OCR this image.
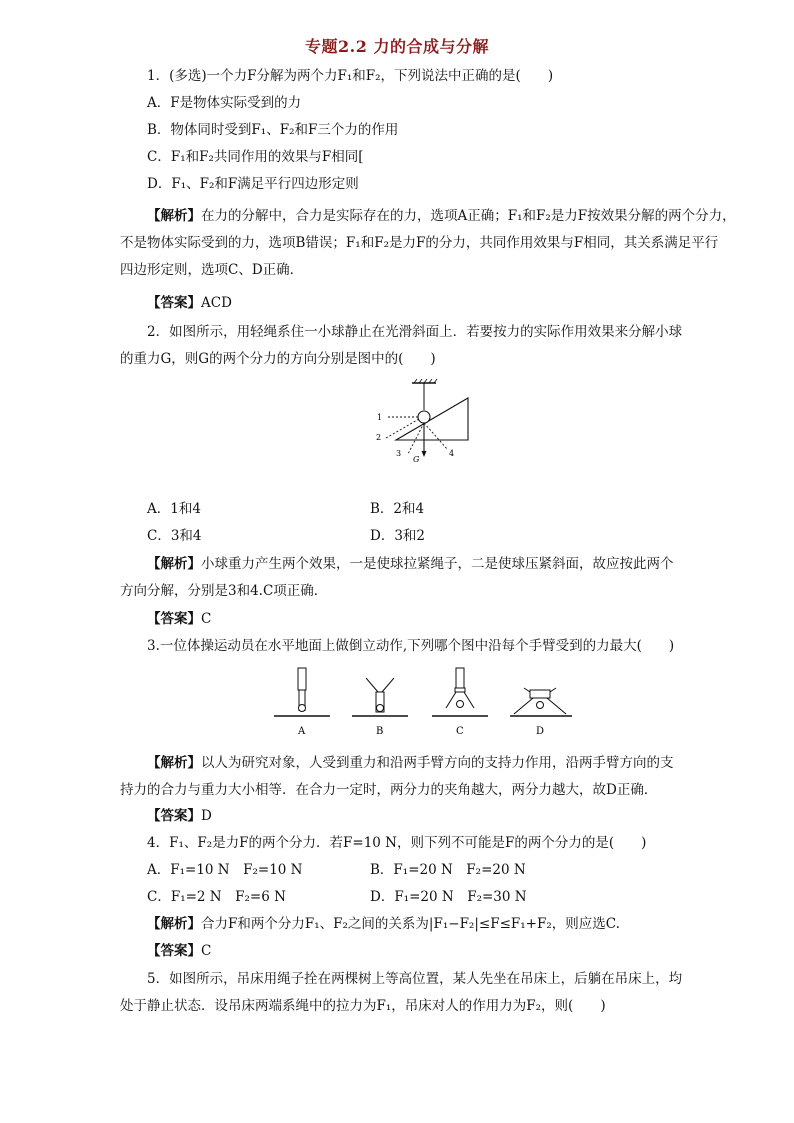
专题2.2 力的合成与分解
1．(多选)一个力F分解为两个力F₁和F₂，下列说法中正确的是(　　)
A．F是物体实际受到的力
B．物体同时受到F₁、F₂和F三个力的作用
C．F₁和F₂共同作用的效果与F相同[
D．F₁、F₂和F满足平行四边形定则
【解析】在力的分解中，合力是实际存在的力，选项A正确；F₁和F₂是力F按效果分解的两个分力，
不是物体实际受到的力，选项B错误；F₁和F₂是力F的分力，共同作用效果与F相同，其关系满足平行
四边形定则，选项C、D正确．
【答案】ACD
2．如图所示，用轻绳系住一小球静止在光滑斜面上．若要按力的实际作用效果来分解小球
的重力G，则G的两个分力的方向分别是图中的(　　)
1
2
3
G
4
A．1和4	B．2和4
C．3和4	D．3和2
【解析】小球重力产生两个效果，一是使球拉紧绳子，二是使球压紧斜面，故应按此两个
方向分解，分别是3和4.C项正确．
【答案】C
3.一位体操运动员在水平地面上做倒立动作,下列哪个图中沿每个手臂受到的力最大(　　)
A	B	C	D
【解析】以人为研究对象，人受到重力和沿两手臂方向的支持力作用，沿两手臂方向的支
持力的合力与重力大小相等．在合力一定时，两分力的夹角越大，两分力越大，故D正确．
【答案】D
4．F₁、F₂是力F的两个分力．若F=10 N，则下列不可能是F的两个分力的是(　　)
A．F₁=10 N　F₂=10 N	B．F₁=20 N　F₂=20 N
C．F₁=2 N　F₂=6 N	D．F₁=20 N　F₂=30 N
【解析】合力F和两个分力F₁、F₂之间的关系为|F₁−F₂|≤F≤F₁+F₂，则应选C.
【答案】C
5．如图所示，吊床用绳子拴在两棵树上等高位置，某人先坐在吊床上，后躺在吊床上，均
处于静止状态．设吊床两端系绳中的拉力为F₁，吊床对人的作用力为F₂，则(　　)
